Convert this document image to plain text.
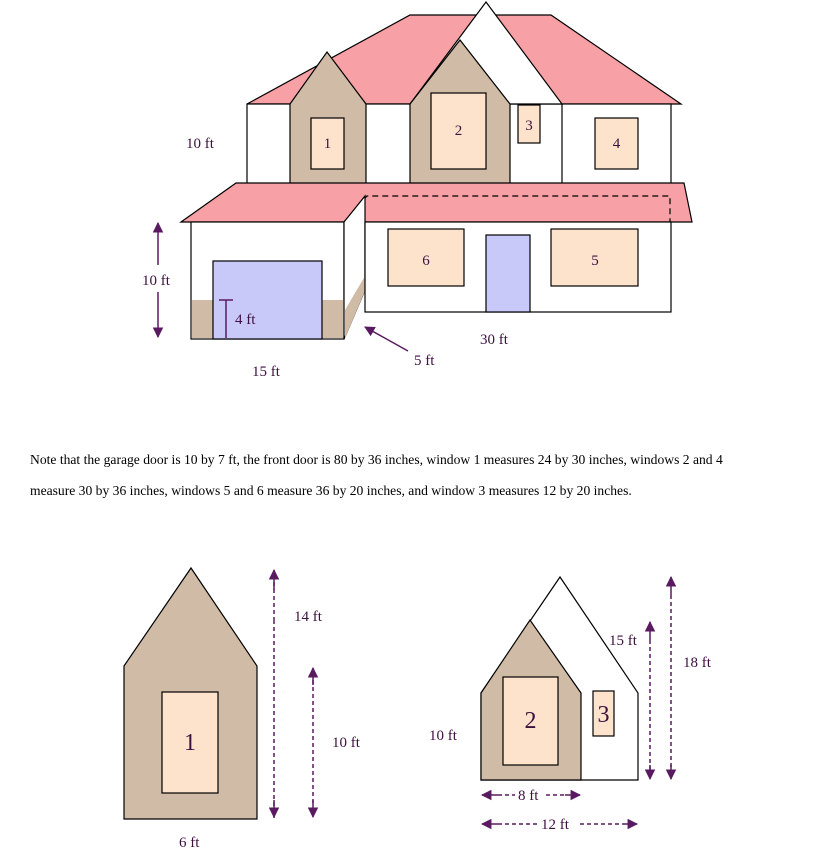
1
2	3
4
6	5
4 ft
10 ft
10 ft
15 ft
5 ft
30 ft
1
14 ft
10 ft
6 ft
2	3
15 ft
18 ft
10 ft
8 ft
12 ft
Note that the garage door is 10 by 7 ft, the front door is 80 by 36 inches, window 1 measures 24 by 30 inches, windows 2 and 4
measure 30 by 36 inches, windows 5 and 6 measure 36 by 20 inches, and window 3 measures 12 by 20 inches.
